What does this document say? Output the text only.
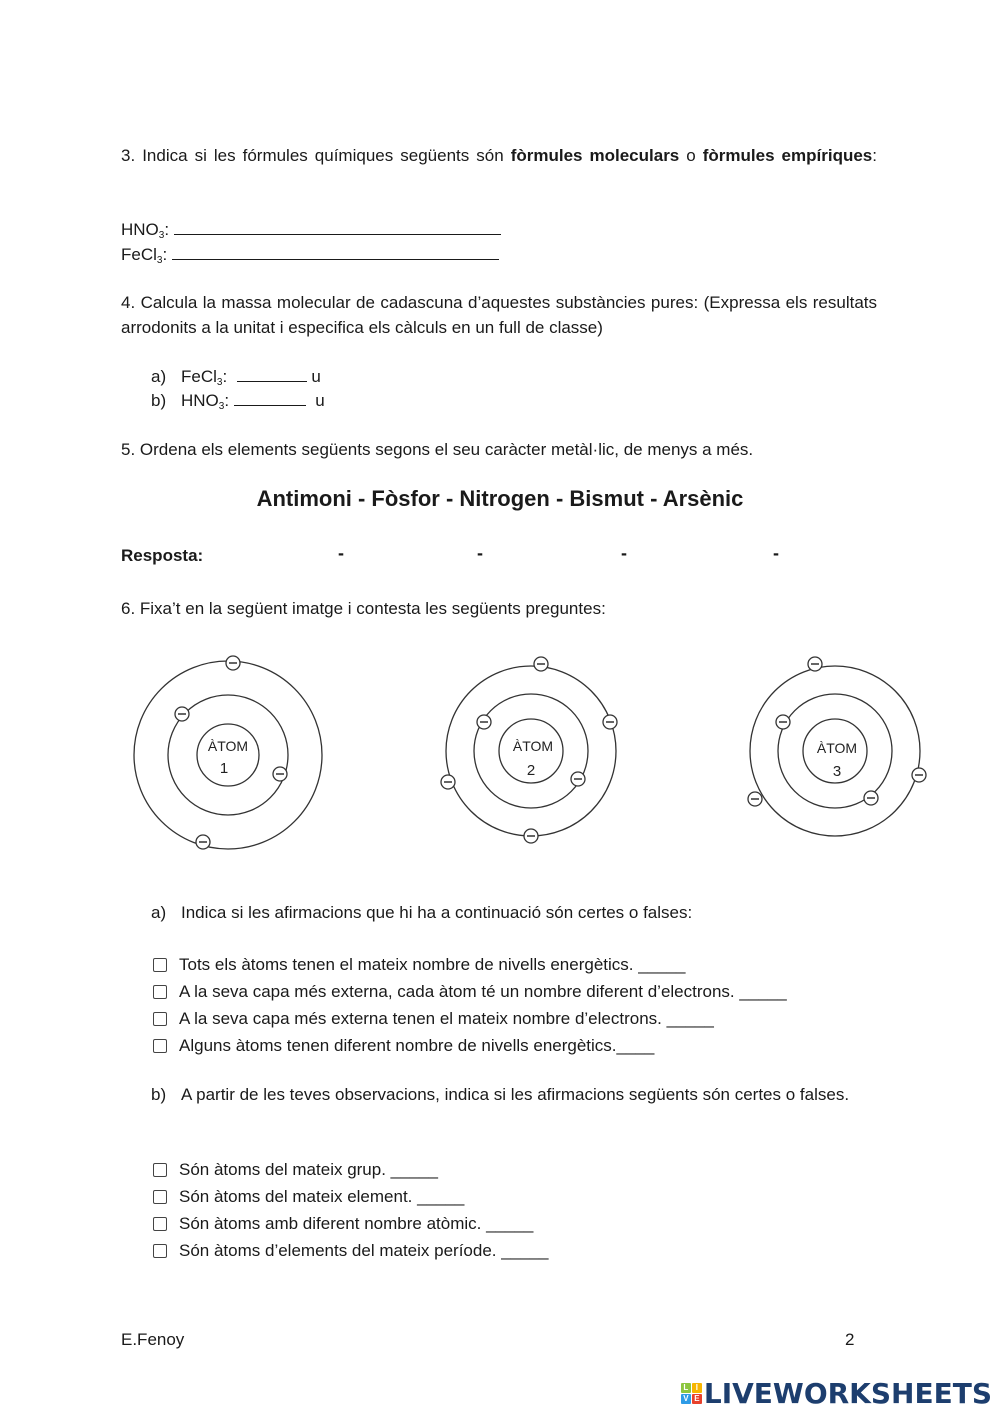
3. Indica si les fórmules químiques següents són fòrmules moleculars o fòrmules empíriques:
$HNO_3$:
FeCl$_3$:
4. Calcula la massa molecular de cadascuna d’aquestes substàncies pures: (Expressa els resultats arrodonits a la unitat i especifica els càlculs en un full de classe)
a) FeCl$_3$:	u
b) $HNO_3$:	u
5. Ordena els elements següents segons el seu caràcter metàl·lic, de menys a més.
Antimoni - Fòsfor - Nitrogen - Bismut - Arsènic
Resposta:	-	-	-	-
6. Fixa’t en la següent imatge i contesta les següents preguntes:
ÀTOM
1
ÀTOM
2
ÀTOM
3
a) Indica si les afirmacions que hi ha a continuació són certes o falses:
Tots els àtoms tenen el mateix nombre de nivells energètics. _____
A la seva capa més externa, cada àtom té un nombre diferent d’electrons. _____
A la seva capa més externa tenen el mateix nombre d’electrons. _____
Alguns àtoms tenen diferent nombre de nivells energètics.____
b) A partir de les teves observacions, indica si les afirmacions següents són certes o falses.
Són àtoms del mateix grup. _____
Són àtoms del mateix element. _____
Són àtoms amb diferent nombre atòmic. _____
Són àtoms d’elements del mateix període. _____
E.Fenoy	2
L I
V E LIVEWORKSHEETS
